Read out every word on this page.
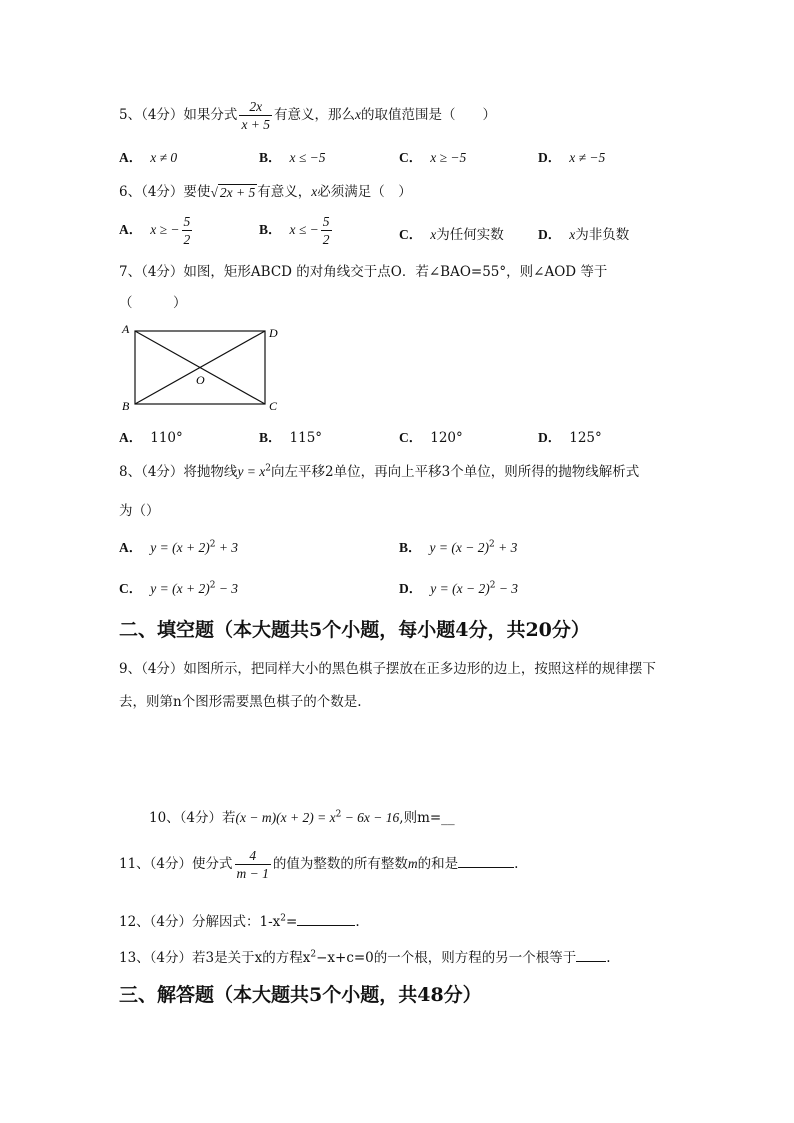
5、（4分）如果分式 $\frac{2x}{x + 5}$ 有意义，那么x的取值范围是（　　）
A． x ≠ 0	B． x ≤ −5	C． x ≥ −5	D． x ≠ −5
6、（4分）要使√ 2x + 5 有意义，x必须满足（　）
A． x ≥ − $\frac{5}{2}$	B． x ≤ − $\frac{5}{2}$	C． x为任何实数	D． x为非负数
7、（4分）如图，矩形ABCD 的对角线交于点O．若∠BAO=55°，则∠AOD 等于
（　　　）
A	D
B	C
O
A． 110°	B． 115°	C． 120°	D． 125°
8、（4分）将抛物线$y = x^2$向左平移2单位，再向上平移3个单位，则所得的抛物线解析式
为（）
A． $y = (x + 2)^2 + 3$	B． $y = (x - 2)^2 + 3$
C． $y = (x + 2)^2 - 3$	D． $y = (x - 2)^2 - 3$
二、填空题（本大题共5个小题，每小题4分，共20分）
9、（4分）如图所示，把同样大小的黑色棋子摆放在正多边形的边上，按照这样的规律摆下
去，则第n个图形需要黑色棋子的个数是.
10、（4分）若$(x - m)(x + 2) = x^2 - 6x - 16$,则m=__
11、（4分）使分式 $\frac{4}{m - 1}$ 的值为整数的所有整数m的和是	.
12、（4分）分解因式：$1-x^2=$	.
13、（4分）若3是关于x的方程$x^2-x+c=0$的一个根，则方程的另一个根等于 .
三、解答题（本大题共5个小题，共48分）
